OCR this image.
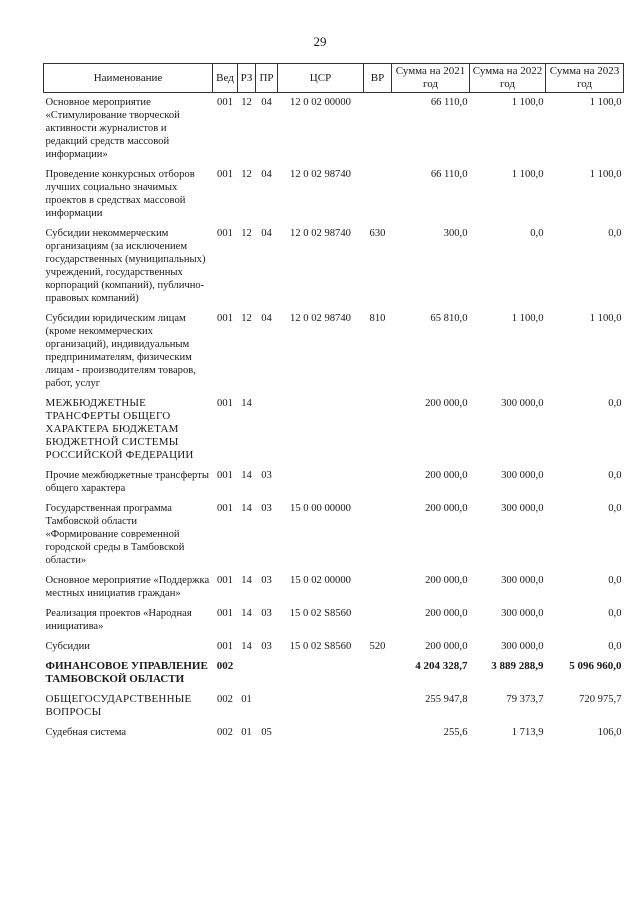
29
Наименование	Вед	РЗ	ПР	ЦСР	ВР	Сумма на 2021 год	Сумма на 2022 год	Сумма на 2023 год
Основное мероприятие «Стимулирование творческой активности журналистов и редакций средств массовой информации»	001	12	04	12 0 02 00000		66 110,0	1 100,0	1 100,0
Проведение конкурсных отборов лучших социально значимых проектов в средствах массовой информации	001	12	04	12 0 02 98740		66 110,0	1 100,0	1 100,0
Субсидии некоммерческим организациям (за исключением государственных (муниципальных) учреждений, государственных корпораций (компаний), публично-правовых компаний)	001	12	04	12 0 02 98740	630	300,0	0,0	0,0
Субсидии юридическим лицам (кроме некоммерческих организаций), индивидуальным предпринимателям, физическим лицам - производителям товаров, работ, услуг	001	12	04	12 0 02 98740	810	65 810,0	1 100,0	1 100,0
МЕЖБЮДЖЕТНЫЕ ТРАНСФЕРТЫ ОБЩЕГО ХАРАКТЕРА БЮДЖЕТАМ БЮДЖЕТНОЙ СИСТЕМЫ РОССИЙСКОЙ ФЕДЕРАЦИИ	001	14				200 000,0	300 000,0	0,0
Прочие межбюджетные трансферты общего характера	001	14	03			200 000,0	300 000,0	0,0
Государственная программа Тамбовской области «Формирование современной городской среды в Тамбовской области»	001	14	03	15 0 00 00000		200 000,0	300 000,0	0,0
Основное мероприятие «Поддержка местных инициатив граждан»	001	14	03	15 0 02 00000		200 000,0	300 000,0	0,0
Реализация проектов «Народная инициатива»	001	14	03	15 0 02 S8560		200 000,0	300 000,0	0,0
Субсидии	001	14	03	15 0 02 S8560	520	200 000,0	300 000,0	0,0
ФИНАНСОВОЕ УПРАВЛЕНИЕ ТАМБОВСКОЙ ОБЛАСТИ	002					4 204 328,7	3 889 288,9	5 096 960,0
ОБЩЕГОСУДАРСТВЕННЫЕ ВОПРОСЫ	002	01				255 947,8	79 373,7	720 975,7
Судебная система	002	01	05			255,6	1 713,9	106,0
